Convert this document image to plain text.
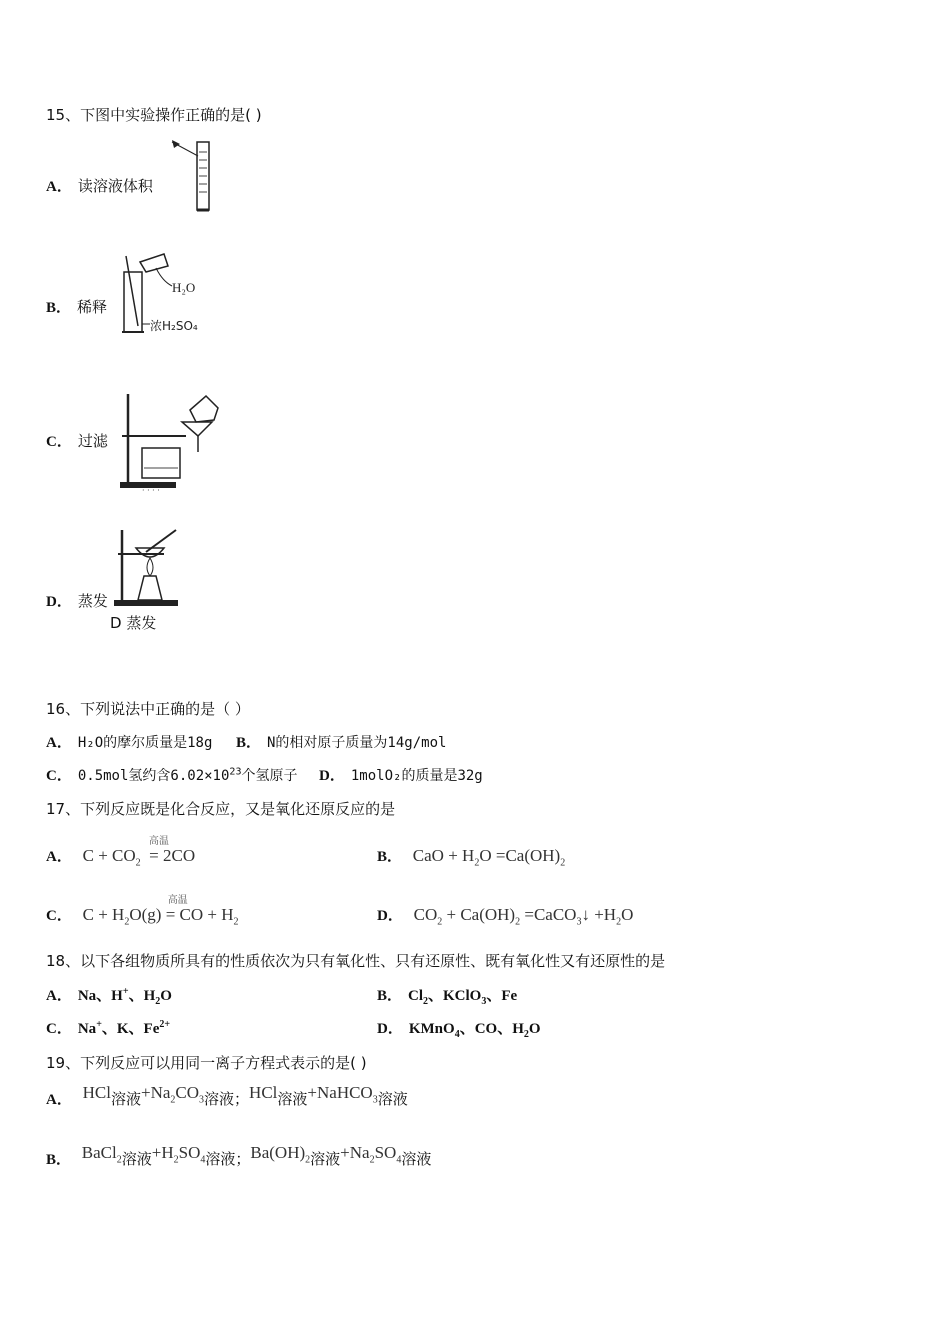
15、下图中实验操作正确的是( )
A． 读溶液体积
B． 稀释
H₂O
浓H₂SO₄
C． 过滤
· · · ·
D． 蒸发
D 蒸发
16、下列说法中正确的是（ ）
A． H₂O的摩尔质量是18g B． N的相对原子质量为14g/mol
C． 0.5mol氢约含$6.02\times 10^{23}$个氢原子 D． 1molO₂的质量是32g
17、下列反应既是化合反应，又是氧化还原反应的是
A． $C + CO_2$
高温
= 2CO	B． CaO + $H_2O =Ca(OH)_2$
C． $C + H_2O(g)$
高温
= CO + $H_2$	D． $CO_2 + Ca(OH)_2$ =CaCO$_3$↓ $+H_2O$
18、以下各组物质所具有的性质依次为只有氧化性、只有还原性、既有氧化性又有还原性的是
A． Na、H+、$H_2O$	B． $Cl_2$、KClO$_3$、Fe
C． Na+、K、$Fe^{2+}$	D． KMnO$_4$、CO、$H_2O$
19、下列反应可以用同一离子方程式表示的是( )
A． HCl溶液$+Na_2CO_3$溶液；HCl溶液+NaHCO$_3$溶液
B． BaCl$_2$溶液$+H_2SO_4$溶液；$Ba(OH)_2$溶液$+Na_2SO_4$溶液
